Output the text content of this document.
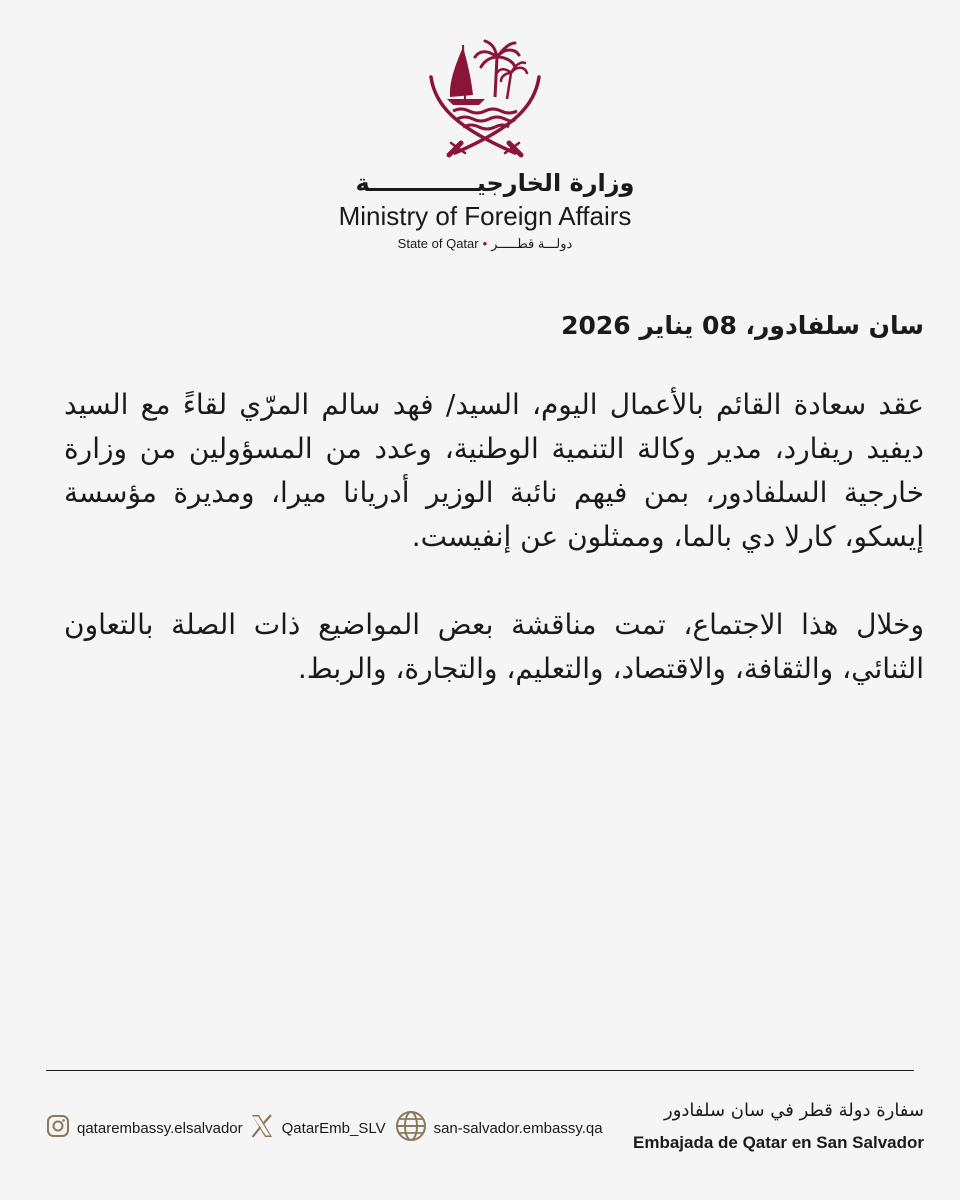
وزارة الخارجيـــــــــــــة
Ministry of Foreign Affairs
State of Qatar • دولـــة قطـــــر
سان سلفادور، 08 يناير 2026

عقد سعادة القائم بالأعمال اليوم، السيد/ فهد سالم المرّي لقاءً مع السيد ديفيد ريفارد، مدير وكالة التنمية الوطنية، وعدد من المسؤولين من وزارة خارجية السلفادور، بمن فيهم نائبة الوزير أدريانا ميرا، ومديرة مؤسسة إيسكو، كارلا دي بالما، وممثلون عن إنفيست.

وخلال هذا الاجتماع، تمت مناقشة بعض المواضيع ذات الصلة بالتعاون الثنائي، والثقافة، والاقتصاد، والتعليم، والتجارة، والربط.

qatarembassy.elsalvador	QatarEmb_SLV	san-salvador.embassy.qa
سفارة دولة قطر في سان سلفادور
Embajada de Qatar en San Salvador
